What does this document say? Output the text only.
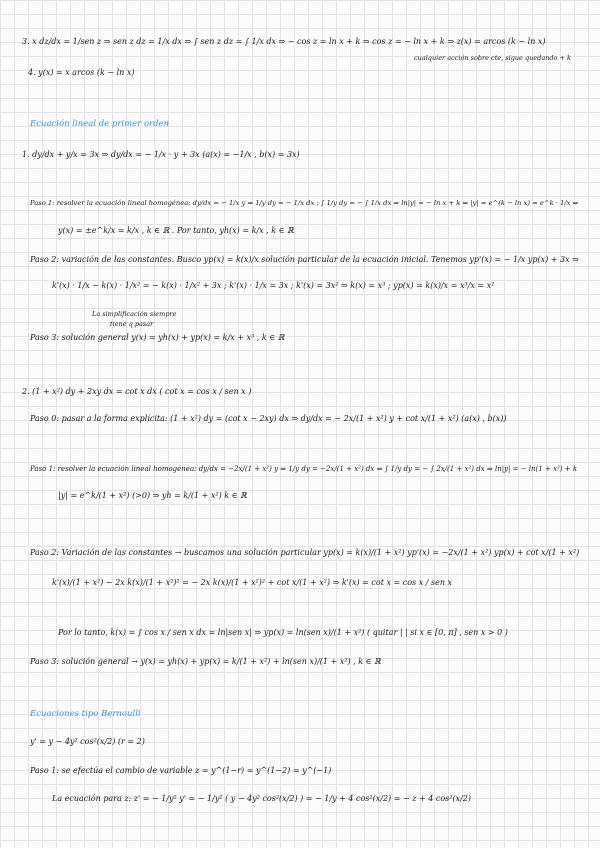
3. x dz/dx = 1/sen z ⇒ sen z dz = 1/x dx ⇒ ∫ sen z dz = ∫ 1/x dx ⇒ − cos z = ln x + k ⇒ cos z = − ln x + k ⇒ z(x) = arcos (k − ln x)
cualquier acción sobre cte, sigue quedando + k
4. y(x) = x arcos (k − ln x)
Ecuación lineal de primer orden
1. dy/dx + y/x = 3x ⇒ dy/dx = − 1/x · y + 3x (a(x) = −1/x , b(x) = 3x)
Paso 1: resolver la ecuación lineal homogénea: dy/dx = − 1/x y ⇒ 1/y dy = − 1/x dx ; ∫ 1/y dy = − ∫ 1/x dx ⇒ ln|y| = − ln x + k ⇒ |y| = e^(k − ln x) = e^k · 1/x ⇒
y(x) = ±e^k/x = k/x , k ∈ ℝ . Por tanto, yh(x) = k/x , k ∈ ℝ
Paso 2: variación de las constantes. Busco yp(x) = k(x)/x solución particular de la ecuación inicial. Tenemos yp'(x) = − 1/x yp(x) + 3x ⇒
k'(x) · 1/x − k(x) · 1/x² = − k(x) · 1/x² + 3x ; k'(x) · 1/x = 3x ; k'(x) = 3x² ⇒ k(x) = x³ ; yp(x) = k(x)/x = x³/x = x²
La simplificación siempre
tiene q pasar
Paso 3: solución general y(x) = yh(x) + yp(x) = k/x + x³ , k ∈ ℝ
2. (1 + x²) dy + 2xy dx = cot x dx ( cot x = cos x / sen x )
Paso 0: pasar a la forma explícita: (1 + x²) dy = (cot x − 2xy) dx ⇒ dy/dx = − 2x/(1 + x²) y + cot x/(1 + x²) (a(x) , b(x))
Paso 1: resolver la ecuación lineal homogénea: dy/dx = −2x/(1 + x²) y ⇒ 1/y dy = −2x/(1 + x²) dx ⇒ ∫ 1/y dy = − ∫ 2x/(1 + x²) dx ⇒ ln|y| = − ln(1 + x²) + k
|y| = e^k/(1 + x²) (>0) ⇒ yh = k/(1 + x²) k ∈ ℝ
Paso 2: Variación de las constantes → buscamos una solución particular yp(x) = k(x)/(1 + x²) yp'(x) = −2x/(1 + x²) yp(x) + cot x/(1 + x²)
k'(x)/(1 + x²) − 2x k(x)/(1 + x²)² = − 2x k(x)/(1 + x²)² + cot x/(1 + x²) ⇒ k'(x) = cot x = cos x / sen x
Por lo tanto, k(x) = ∫ cos x / sen x dx = ln|sen x| ⇒ yp(x) = ln(sen x)/(1 + x²) ( quitar | | si x ∈ [0, π] , sen x > 0 )
Paso 3: solución general → y(x) = yh(x) + yp(x) = k/(1 + x²) + ln(sen x)/(1 + x²) , k ∈ ℝ
Ecuaciones tipo Bernoulli
y' = y − 4y² cos²(x/2) (r = 2)
Paso 1: se efectúa el cambio de variable z = y^(1−r) = y^(1−2) = y^(−1)
La ecuación para z: z' = − 1/y² y' = − 1/y² ( y − 4y² cos²(x/2) ) = − 1/y + 4 cos²(x/2) = − z + 4 cos²(x/2)
